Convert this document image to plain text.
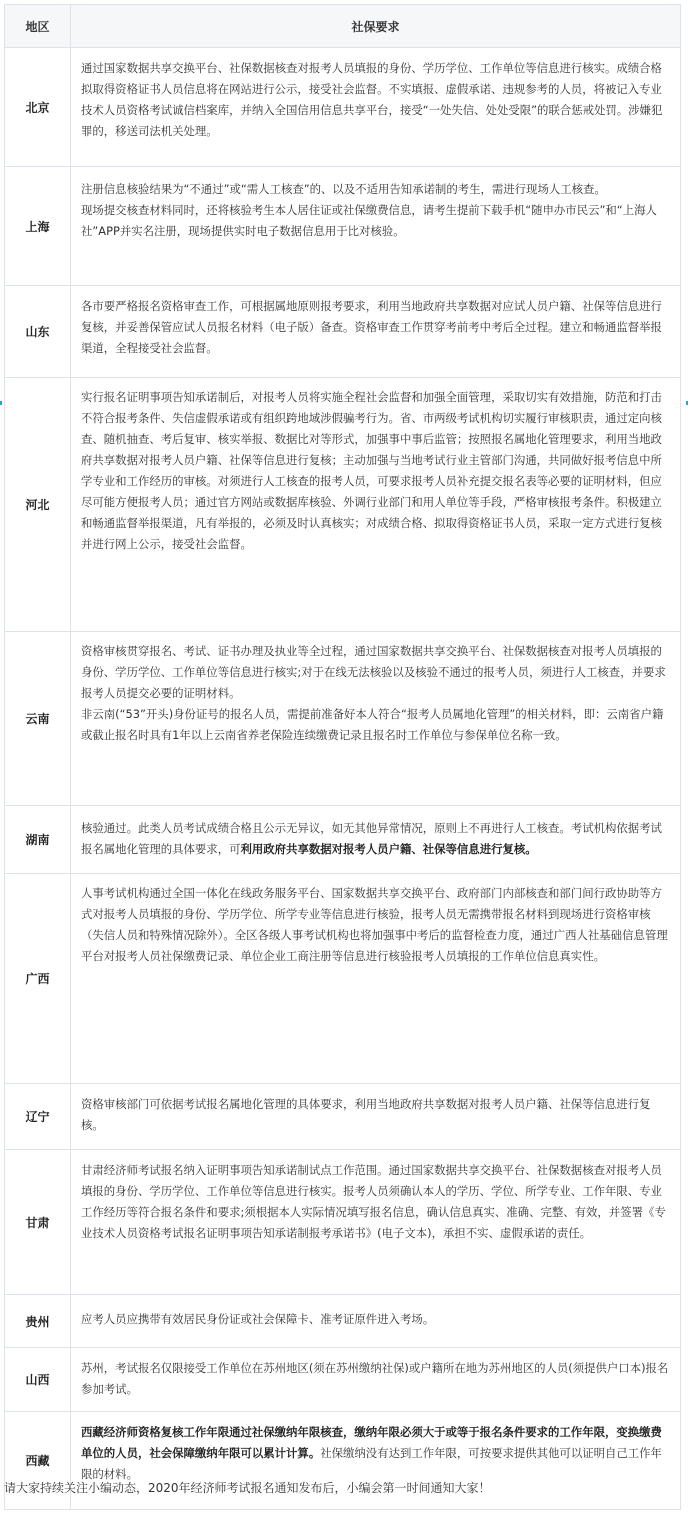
地区	社保要求
北京	通过国家数据共享交换平台、社保数据核查对报考人员填报的身份、学历学位、工作单位等信息进行核实。成绩合格拟取得资格证书人员信息将在网站进行公示，接受社会监督。不实填报、虚假承诺、违规参考的人员，将被记入专业技术人员资格考试诚信档案库，并纳入全国信用信息共享平台，接受“一处失信、处处受限”的联合惩戒处罚。涉嫌犯罪的，移送司法机关处理。

上海	注册信息核验结果为“不通过”或“需人工核查”的、以及不适用告知承诺制的考生，需进行现场人工核查。

现场提交核查材料同时，还将核验考生本人居住证或社保缴费信息，请考生提前下载手机“随申办市民云”和“上海人社”APP并实名注册，现场提供实时电子数据信息用于比对核验。

山东	各市要严格报名资格审查工作，可根据属地原则报考要求，利用当地政府共享数据对应试人员户籍、社保等信息进行复核，并妥善保管应试人员报名材料（电子版）备查。资格审查工作贯穿考前考中考后全过程。建立和畅通监督举报渠道，全程接受社会监督。

河北	实行报名证明事项告知承诺制后，对报考人员将实施全程社会监督和加强全面管理，采取切实有效措施，防范和打击不符合报考条件、失信虚假承诺或有组织跨地域涉假骗考行为。省、市两级考试机构切实履行审核职责，通过定向核查、随机抽查、考后复审、核实举报、数据比对等形式，加强事中事后监管；按照报名属地化管理要求，利用当地政府共享数据对报考人员户籍、社保等信息进行复核；主动加强与当地考试行业主管部门沟通，共同做好报考信息中所学专业和工作经历的审核。对须进行人工核查的报考人员，可要求报考人员补充提交报名表等必要的证明材料，但应尽可能方便报考人员；通过官方网站或数据库核验、外调行业部门和用人单位等手段，严格审核报考条件。积极建立和畅通监督举报渠道，凡有举报的，必须及时认真核实；对成绩合格、拟取得资格证书人员，采取一定方式进行复核并进行网上公示，接受社会监督。

云南	资格审核贯穿报名、考试、证书办理及执业等全过程，通过国家数据共享交换平台、社保数据核查对报考人员填报的身份、学历学位、工作单位等信息进行核实;对于在线无法核验以及核验不通过的报考人员，须进行人工核查，并要求报考人员提交必要的证明材料。

非云南(“53”开头)身份证号的报名人员，需提前准备好本人符合“报考人员属地化管理”的相关材料，即：云南省户籍或截止报名时具有1年以上云南省养老保险连续缴费记录且报名时工作单位与参保单位名称一致。

湖南	核验通过。此类人员考试成绩合格且公示无异议，如无其他异常情况，原则上不再进行人工核查。考试机构依据考试报名属地化管理的具体要求，可利用政府共享数据对报考人员户籍、社保等信息进行复核。

广西	人事考试机构通过全国一体化在线政务服务平台、国家数据共享交换平台、政府部门内部核查和部门间行政协助等方式对报考人员填报的身份、学历学位、所学专业等信息进行核验，报考人员无需携带报名材料到现场进行资格审核（失信人员和特殊情况除外）。全区各级人事考试机构也将加强事中考后的监督检查力度，通过广西人社基础信息管理平台对报考人员社保缴费记录、单位企业工商注册等信息进行核验报考人员填报的工作单位信息真实性。

辽宁	资格审核部门可依据考试报名属地化管理的具体要求，利用当地政府共享数据对报考人员户籍、社保等信息进行复核。

甘肃	甘肃经济师考试报名纳入证明事项告知承诺制试点工作范围。通过国家数据共享交换平台、社保数据核查对报考人员填报的身份、学历学位、工作单位等信息进行核实。报考人员须确认本人的学历、学位、所学专业、工作年限、专业工作经历等符合报名条件和要求;须根据本人实际情况填写报名信息，确认信息真实、准确、完整、有效，并签署《专业技术人员资格考试报名证明事项告知承诺制报考承诺书》(电子文本)，承担不实、虚假承诺的责任。

贵州	应考人员应携带有效居民身份证或社会保障卡、准考证原件进入考场。

山西	苏州，考试报名仅限接受工作单位在苏州地区(须在苏州缴纳社保)或户籍所在地为苏州地区的人员(须提供户口本)报名参加考试。

西藏	西藏经济师资格复核工作年限通过社保缴纳年限核查，缴纳年限必须大于或等于报名条件要求的工作年限，变换缴费单位的人员，社会保障缴纳年限可以累计计算。社保缴纳没有达到工作年限，可按要求提供其他可以证明自己工作年限的材料。

请大家持续关注小编动态，2020年经济师考试报名通知发布后，小编会第一时间通知大家！
